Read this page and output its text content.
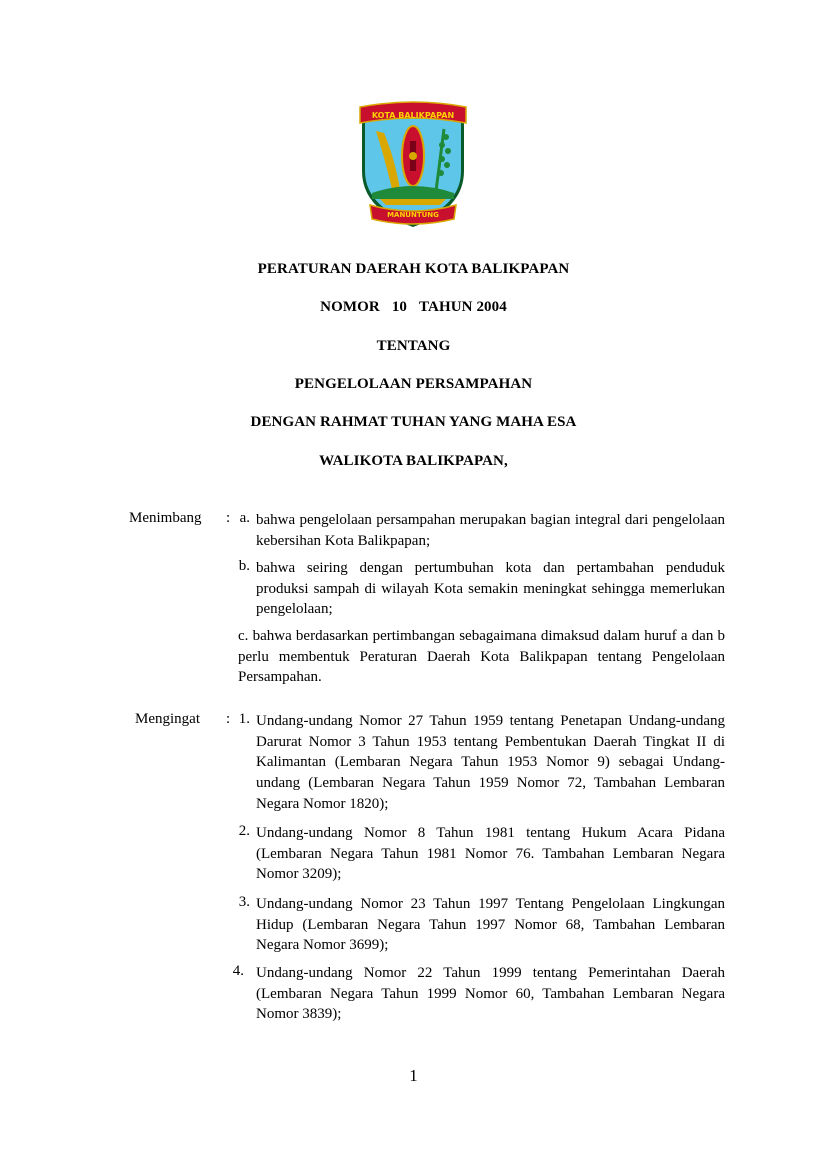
KOTA BALIKPAPAN
MANUNTUNG
PERATURAN DAERAH KOTA BALIKPAPAN
NOMOR 10 TAHUN 2004
TENTANG
PENGELOLAAN PERSAMPAHAN
DENGAN RAHMAT TUHAN YANG MAHA ESA
WALIKOTA BALIKPAPAN,
Menimbang : a. bahwa pengelolaan persampahan merupakan bagian integral dari pengelolaan kebersihan Kota Balikpapan;
b. bahwa seiring dengan pertumbuhan kota dan pertambahan penduduk produksi sampah di wilayah Kota semakin meningkat sehingga memerlukan pengelolaan;
c. bahwa berdasarkan pertimbangan sebagaimana dimaksud dalam huruf a dan b perlu membentuk Peraturan Daerah Kota Balikpapan tentang Pengelolaan Persampahan.
Mengingat : 1. Undang-undang Nomor 27 Tahun 1959 tentang Penetapan Undang-undang Darurat Nomor 3 Tahun 1953 tentang Pembentukan Daerah Tingkat II di Kalimantan (Lembaran Negara Tahun 1953 Nomor 9) sebagai Undang-undang (Lembaran Negara Tahun 1959 Nomor 72, Tambahan Lembaran Negara Nomor 1820);
2. Undang-undang Nomor 8 Tahun 1981 tentang Hukum Acara Pidana (Lembaran Negara Tahun 1981 Nomor 76. Tambahan Lembaran Negara Nomor 3209);
3. Undang-undang Nomor 23 Tahun 1997 Tentang Pengelolaan Lingkungan Hidup (Lembaran Negara Tahun 1997 Nomor 68, Tambahan Lembaran Negara Nomor 3699);
4. Undang-undang Nomor 22 Tahun 1999 tentang Pemerintahan Daerah (Lembaran Negara Tahun 1999 Nomor 60, Tambahan Lembaran Negara Nomor 3839);
1
